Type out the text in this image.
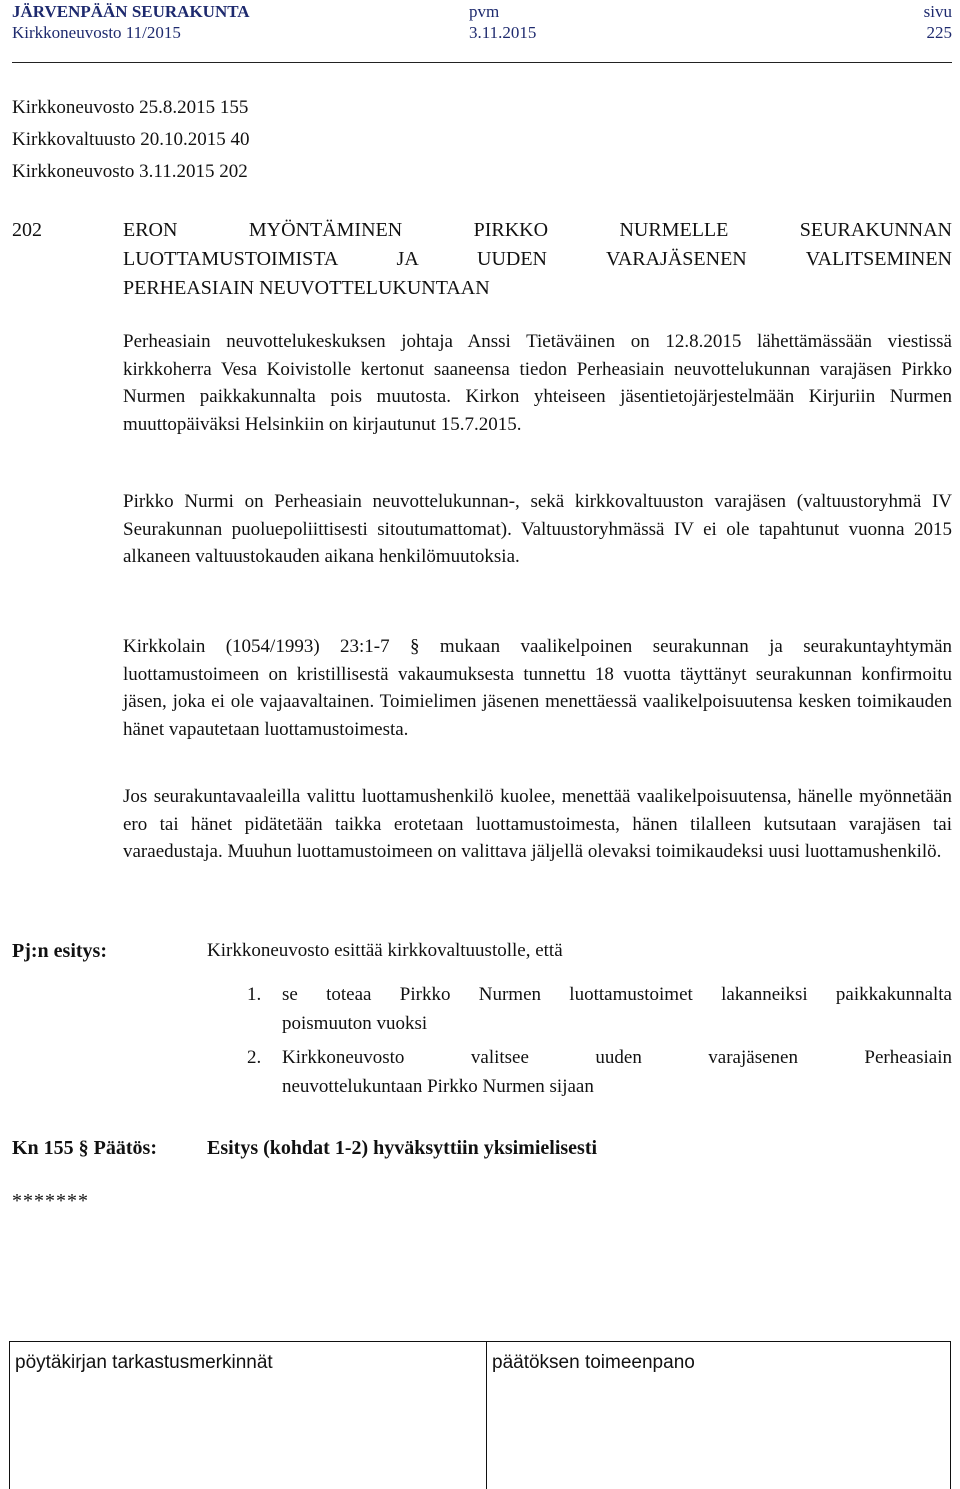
JÄRVENPÄÄN SEURAKUNTA	pvm	sivu
Kirkkoneuvosto 11/2015	3.11.2015	225
Kirkkoneuvosto 25.8.2015 155
Kirkkovaltuusto 20.10.2015 40
Kirkkoneuvosto 3.11.2015 202
202	ERON MYÖNTÄMINEN PIRKKO NURMELLE SEURAKUNNAN
LUOTTAMUSTOIMISTA JA UUDEN VARAJÄSENEN VALITSEMINEN
PERHEASIAIN NEUVOTTELUKUNTAAN
Perheasiain neuvottelukeskuksen johtaja Anssi Tietäväinen on 12.8.2015 lähettämässään viestissä kirkkoherra Vesa Koivistolle kertonut saaneensa tiedon Perheasiain neuvottelukunnan varajäsen Pirkko Nurmen paikkakunnalta pois muutosta. Kirkon yhteiseen jäsentietojärjestelmään Kirjuriin Nurmen muuttopäiväksi Helsinkiin on kirjautunut 15.7.2015.
Pirkko Nurmi on Perheasiain neuvottelukunnan-, sekä kirkkovaltuuston varajäsen (valtuustoryhmä IV Seurakunnan puoluepoliittisesti sitoutumattomat). Valtuustoryhmässä IV ei ole tapahtunut vuonna 2015 alkaneen valtuustokauden aikana henkilömuutoksia.
Kirkkolain (1054/1993) 23:1-7 § mukaan vaalikelpoinen seurakunnan ja seurakuntayhtymän luottamustoimeen on kristillisestä vakaumuksesta tunnettu 18 vuotta täyttänyt seurakunnan konfirmoitu jäsen, joka ei ole vajaavaltainen. Toimielimen jäsenen menettäessä vaalikelpoisuutensa kesken toimikauden hänet vapautetaan luottamustoimesta.
Jos seurakuntavaaleilla valittu luottamushenkilö kuolee, menettää vaalikelpoisuutensa, hänelle myönnetään ero tai hänet pidätetään taikka erotetaan luottamustoimesta, hänen tilalleen kutsutaan varajäsen tai varaedustaja. Muuhun luottamustoimeen on valittava jäljellä olevaksi toimikaudeksi uusi luottamushenkilö.
Pj:n esitys:	Kirkkoneuvosto esittää kirkkovaltuustolle, että
1. se toteaa Pirkko Nurmen luottamustoimet lakanneiksi paikkakunnalta
poismuuton vuoksi
2. Kirkkoneuvosto valitsee uuden varajäsenen Perheasiain
neuvottelukuntaan Pirkko Nurmen sijaan
Kn 155 § Päätös:	Esitys (kohdat 1-2) hyväksyttiin yksimielisesti
*******
pöytäkirjan tarkastusmerkinnät	päätöksen toimeenpano
